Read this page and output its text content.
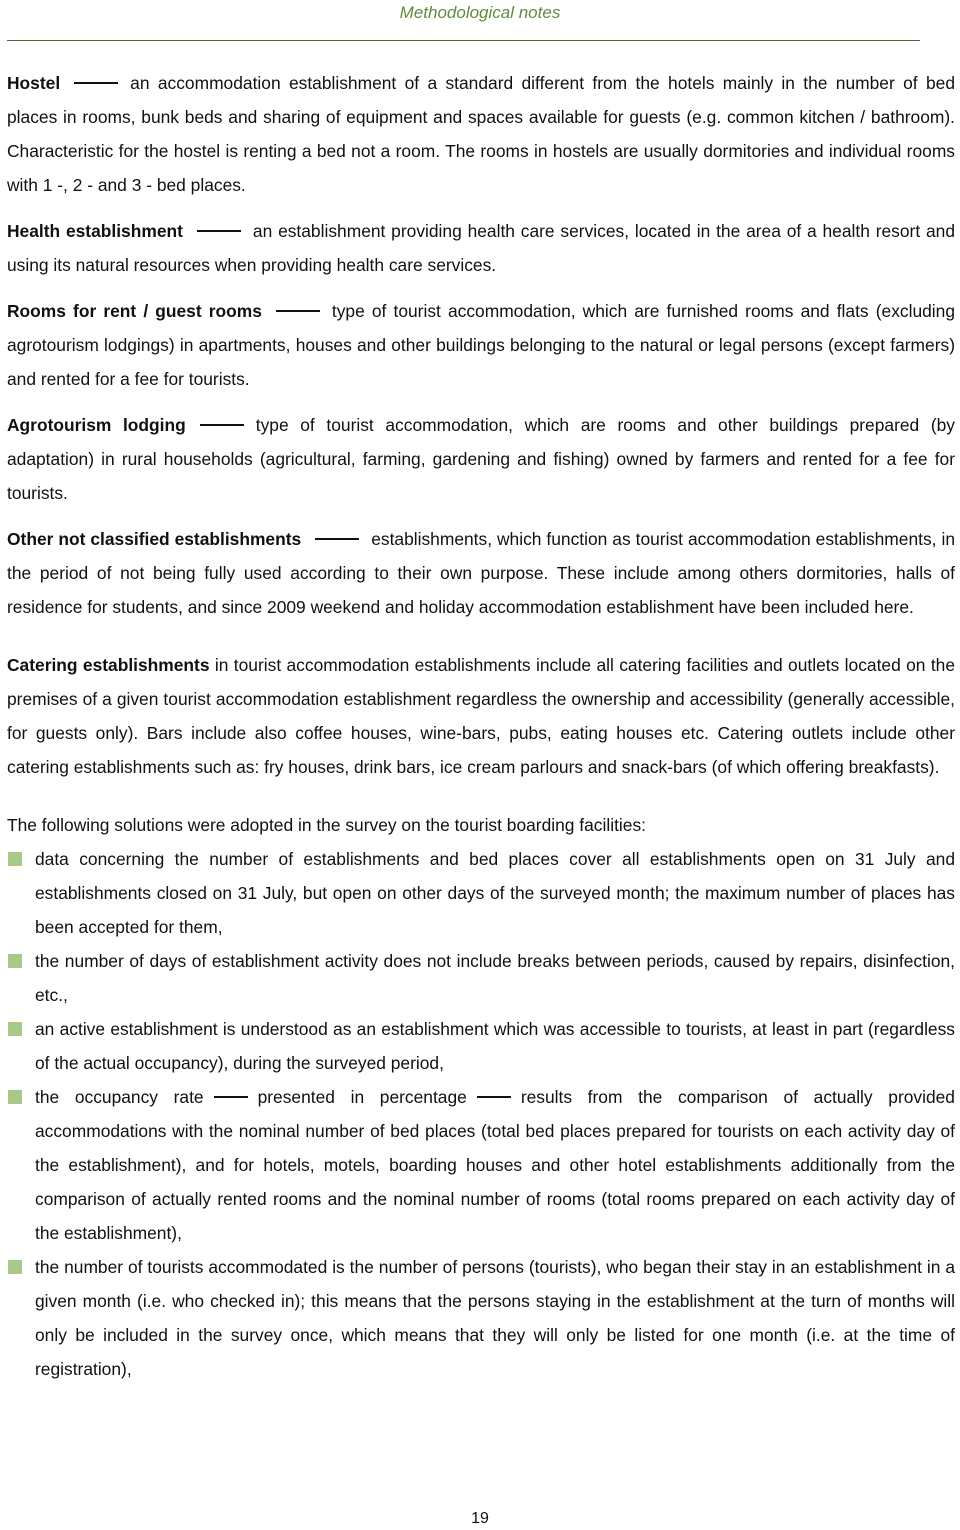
Methodological notes

Hostel	an accommodation establishment of a standard different from the hotels mainly in the number of bed places in rooms, bunk beds and sharing of equipment and spaces available for guests (e.g. common kitchen / bathroom). Characteristic for the hostel is renting a bed not a room. The rooms in hostels are usually dormitories and individual rooms with 1 -, 2 - and 3 - bed places.

Health establishment	an establishment providing health care services, located in the area of a health resort and using its natural resources when providing health care services.

Rooms for rent / guest rooms	type of tourist accommodation, which are furnished rooms and flats (excluding agrotourism lodgings) in apartments, houses and other buildings belonging to the natural or legal persons (except farmers) and rented for a fee for tourists.

Agrotourism lodging	type of tourist accommodation, which are rooms and other buildings prepared (by adaptation) in rural households (agricultural, farming, gardening and fishing) owned by farmers and rented for a fee for tourists.

Other not classified establishments	establishments, which function as tourist accommodation establishments, in the period of not being fully used according to their own purpose. These include among others dormitories, halls of residence for students, and since 2009 weekend and holiday accommodation establishment have been included here.

Catering establishments in tourist accommodation establishments include all catering facilities and outlets located on the premises of a given tourist accommodation establishment regardless the ownership and accessibility (generally accessible, for guests only). Bars include also coffee houses, wine-bars, pubs, eating houses etc. Catering outlets include other catering establishments such as: fry houses, drink bars, ice cream parlours and snack-bars (of which offering breakfasts).

The following solutions were adopted in the survey on the tourist boarding facilities:

data concerning the number of establishments and bed places cover all establishments open on 31 July and establishments closed on 31 July, but open on other days of the surveyed month; the maximum number of places has been accepted for them,
the number of days of establishment activity does not include breaks between periods, caused by repairs, disinfection, etc.,
an active establishment is understood as an establishment which was accessible to tourists, at least in part (regardless of the actual occupancy), during the surveyed period,
the occupancy rate	presented in percentage	results from the comparison of actually provided accommodations with the nominal number of bed places (total bed places prepared for tourists on each activity day of the establishment), and for hotels, motels, boarding houses and other hotel establishments additionally from the comparison of actually rented rooms and the nominal number of rooms (total rooms prepared on each activity day of the establishment),
the number of tourists accommodated is the number of persons (tourists), who began their stay in an establishment in a given month (i.e. who checked in); this means that the persons staying in the establishment at the turn of months will only be included in the survey once, which means that they will only be listed for one month (i.e. at the time of registration),
19
